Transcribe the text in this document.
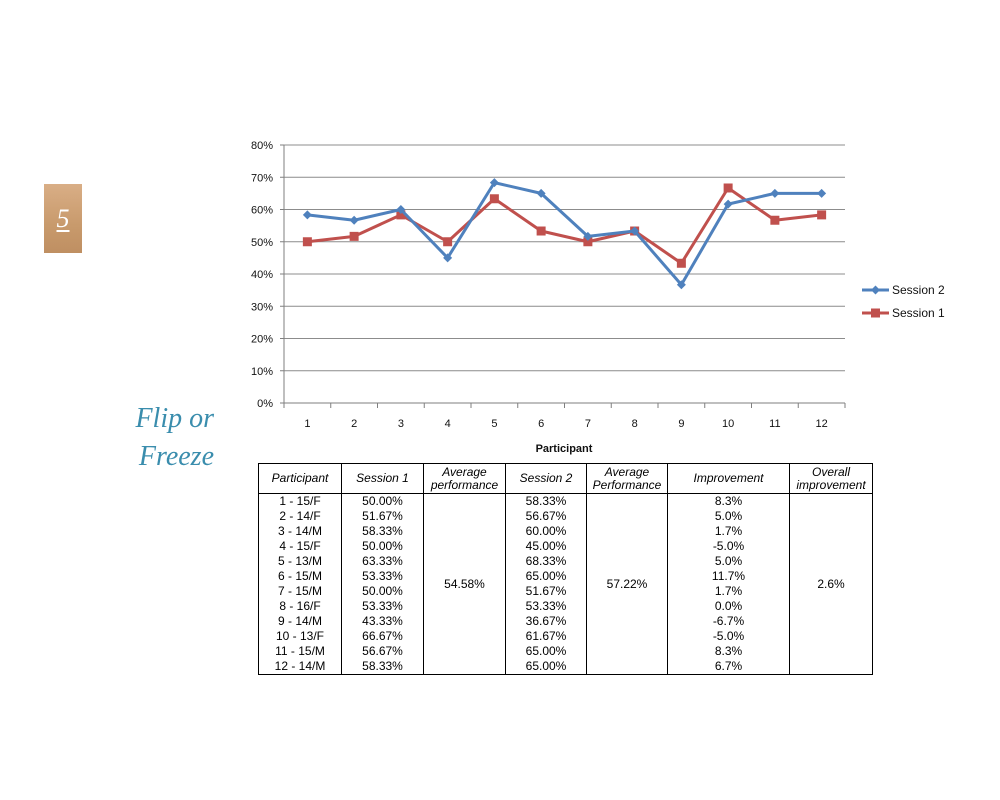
5
Flip or
Freeze
0%
10%
20%
30%
40%
50%
60%
70%
80%
1	2	3	4	5	6	7	8	9	10	11	12
Participant
Session 2
Session 1
Participant	Session 1	Average performance	Session 2	Average Performance	Improvement	Overall improvement
1 - 15/F	50.00%	54.58%	58.33%	57.22%	8.3%	2.6%
2 - 14/F	51.67%		56.67%		5.0%	
3 - 14/M	58.33%		60.00%		1.7%	
4 - 15/F	50.00%		45.00%		-5.0%	
5 - 13/M	63.33%		68.33%		5.0%	
6 - 15/M	53.33%		65.00%		11.7%	
7 - 15/M	50.00%		51.67%		1.7%	
8 - 16/F	53.33%		53.33%		0.0%	
9 - 14/M	43.33%		36.67%		-6.7%	
10 - 13/F	66.67%		61.67%		-5.0%	
11 - 15/M	56.67%		65.00%		8.3%	
12 - 14/M	58.33%		65.00%		6.7%	
